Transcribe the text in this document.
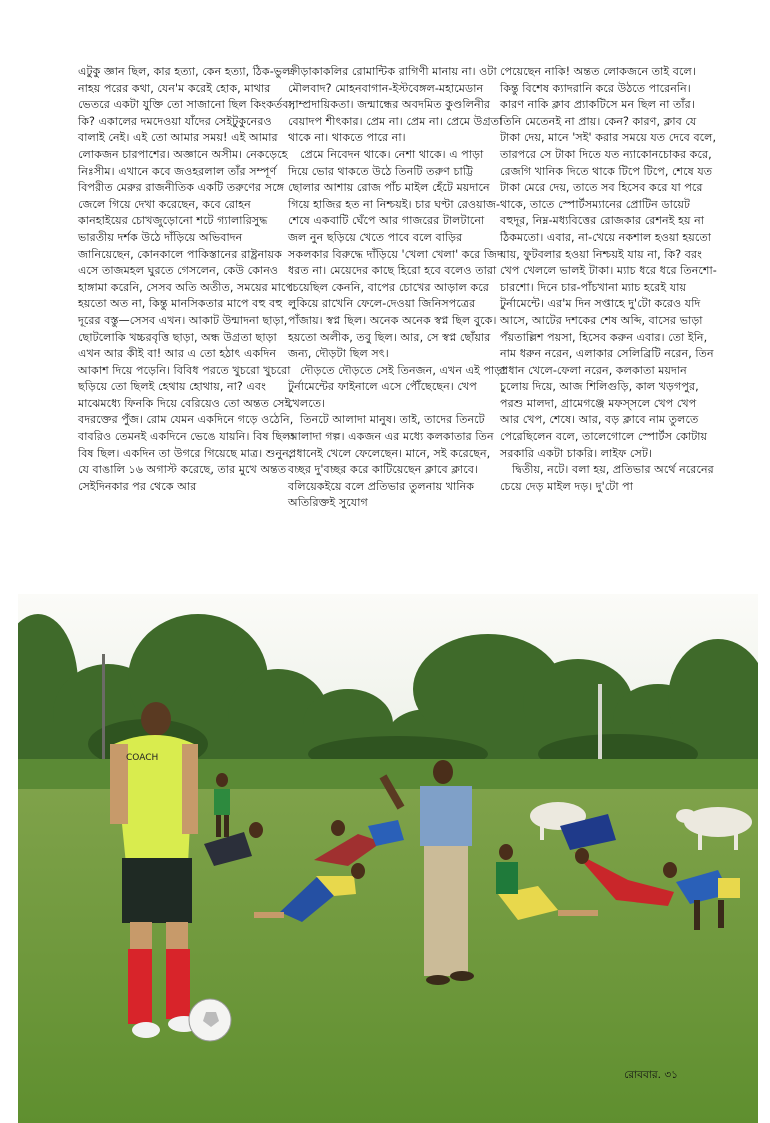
এটুকু জ্ঞান ছিল, কার হত্যা, কেন হত্যা, ঠিক-ভুল নাহয় পরের কথা, যেন'ম করেই হোক, মাথার ভেতরে একটা যুক্তি তো সাজানো ছিল কিংকর্তব্য, কি? একালের দমদেওয়া যাঁদের সেইটুকুনেরও বালাই নেই। এই তো আমার সময়! এই আমার লোকজন চারপাশের। অজ্ঞানে অসীম। নেকড়েহে নিঃসীম। এখানে কবে জওহরলাল তাঁর সম্পূর্ণ বিপরীত মেরুর রাজনীতিক একটি তরুণের সঙ্গে জেলে গিয়ে দেখা করেছেন, কবে রোহন কানহাইয়ের চোখজুড়োনো শটে গ্যালারিসুদ্ধ ভারতীয় দর্শক উঠে দাঁড়িয়ে অভিবাদন জানিয়েছেন, কোনকালে পাকিস্তানের রাষ্ট্রনায়ক এসে তাজমহল ঘুরতে গেসলেন, কেউ কোনও হাঙ্গামা করেনি, সেসব অতি অতীত, সময়ের মাপে হয়তো অত না, কিন্তু মানসিকতার মাপে বহু বহু দূরের বস্তু—সেসব এখন। আকাট উন্মাদনা ছাড়া, ছোটলোকি খচ্চরবৃত্তি ছাড়া, অন্ধ উগ্রতা ছাড়া এখন আর কীই বা! আর এ তো হঠাৎ একদিন আকাশ দিয়ে পড়েনি। বিবিধ পরতে খুচরো খুচরো ছড়িয়ে তো ছিলই হেথায় হোথায়, না? এবং মাঝেমধ্যে ফিনকি দিয়ে বেরিয়েও তো অন্তত সেই বদরক্তের পুঁজ। রোম যেমন একদিনে গড়ে ওঠেনি, বাবরিও তেমনই একদিনে ভেঙে যায়নি। বিষ ছিল। বিষ ছিল। একদিন তা উগরে গিয়েছে মাত্র। শুনুন, যে বাঙালি ১৬ অগাস্ট করেছে, তার মুখে অন্তত সেইদিনকার পর থেকে আর

ক্রীড়াকাকলির রোমান্টিক রাগিণী মানায় না। ওটা মৌলবাদ? মোহনবাগান-ইস্টবেঙ্গল-মহামেডান সাম্প্রদায়িকতা। জন্মান্ধের অবদমিত কুণ্ডলিনীর বেয়াদপ শীৎকার। প্রেম না। প্রেম না। প্রেমে উগ্রতা থাকে না। থাকতে পারে না।

প্রেমে নিবেদন থাকে। নেশা থাকে। এ পাড়া দিয়ে ভোর থাকতে উঠে তিনটি তরুণ চাট্টি ছোলার আশায় রোজ পাঁচ মাইল হেঁটে ময়দানে গিয়ে হাজির হত না নিশ্চয়ই। চার ঘণ্টা রেওয়াজ-শেষে একবাটি ঘেঁপে আর গাজরের টালটানো জল নুন ছড়িয়ে খেতে পাবে বলে বাড়ির সকলকার বিরুদ্ধে দাঁড়িয়ে 'খেলা খেলা' করে জিদ ধরত না। মেয়েদের কাছে হিরো হবে বলেও তারা চেয়েছিল কেননি, বাপের চোখের আড়াল করে লুকিয়ে রাখেনি ফেলে-দেওয়া জিনিসপত্রের পাঁজায়। স্বপ্ন ছিল। অনেক অনেক স্বপ্ন ছিল বুকে। হয়তো অলীক, তবু ছিল। আর, সে স্বপ্ন ছোঁয়ার জন্য, দৌড়টা ছিল সৎ।

দৌড়তে দৌড়তে সেই তিনজন, এখন এই পাড়া টুর্নামেন্টের ফাইনালে এসে পৌঁছেছেন। খেপ খেলতে।

তিনটে আলাদা মানুষ। তাই, তাদের তিনটে আলাদা গল্প। একজন এর মধ্যে কলকাতার তিন প্রধানেই খেলে ফেলেছেন। মানে, সই করেছেন, বচ্ছর দু'বচ্ছর করে কাটিয়েছেন ক্লাবে ক্লাবে। বলিয়েকইয়ে বলে প্রতিভার তুলনায় খানিক অতিরিক্তই সুযোগ

পেয়েছেন নাকি! অন্তত লোকজনে তাই বলে। কিন্তু বিশেষ ক্যাদরানি করে উঠতে পারেননি। কারণ নাকি ক্লাব প্র্যাকটিসে মন ছিল না তাঁর। তিনি মেতেনই না প্রায়। কেন? কারণ, ক্লাব যে টাকা দেয়, মানে 'সই' করার সময়ে যত দেবে বলে, তারপরে সে টাকা দিতে যত ন্যাকোনচোকর করে, রেজগি খানিক দিতে থাকে টিপে টিপে, শেষে যত টাকা মেরে দেয়, তাতে সব হিসেব করে যা পরে থাকে, তাতে স্পোর্টসম্যানের প্রোটিন ডায়েট বহুদূর, নিম্ন-মধ্যবিত্তের রোজকার রেশনই হয় না ঠিকমতো। এবার, না-খেয়ে নকশাল হওয়া হয়তো যায়, ফুটবলার হওয়া নিশ্চয়ই যায় না, কি? বরং খেপ খেললে ভালই টাকা। ম্যাচ ধরে ধরে তিনশো-চারশো। দিনে চার-পাঁচখানা ম্যাচ হরেই যায় টুর্নামেন্টে। এর'ম দিন সপ্তাহে দু'টো করেও যদি আসে, আটের দশকের শেষ অব্দি, বাসের ভাড়া পঁয়তাল্লিশ পয়সা, হিসেব করুন এবার। তো ইনি, নাম ধরুন নরেন, এলাকার সেলিব্রিটি নরেন, তিন প্রধান খেলে-ফেলা নরেন, কলকাতা ময়দান চুলোয় দিয়ে, আজ শিলিগুড়ি, কাল খড়গপুর, পরশু মালদা, গ্রামেগঞ্জে মফস্সলে খেপ খেপ আর খেপ, শেষে। আর, বড় ক্লাবে নাম তুলতে পেরেছিলেন বলে, তালেগোলে স্পোর্টস কোটায় সরকারি একটা চাকরি। লাইফ সেট।

দ্বিতীয়, নটে। বলা হয়, প্রতিভার অর্থে নরেনের চেয়ে দেড় মাইল দড়। দু'টো পা

COACH
রোববার. ৩১
